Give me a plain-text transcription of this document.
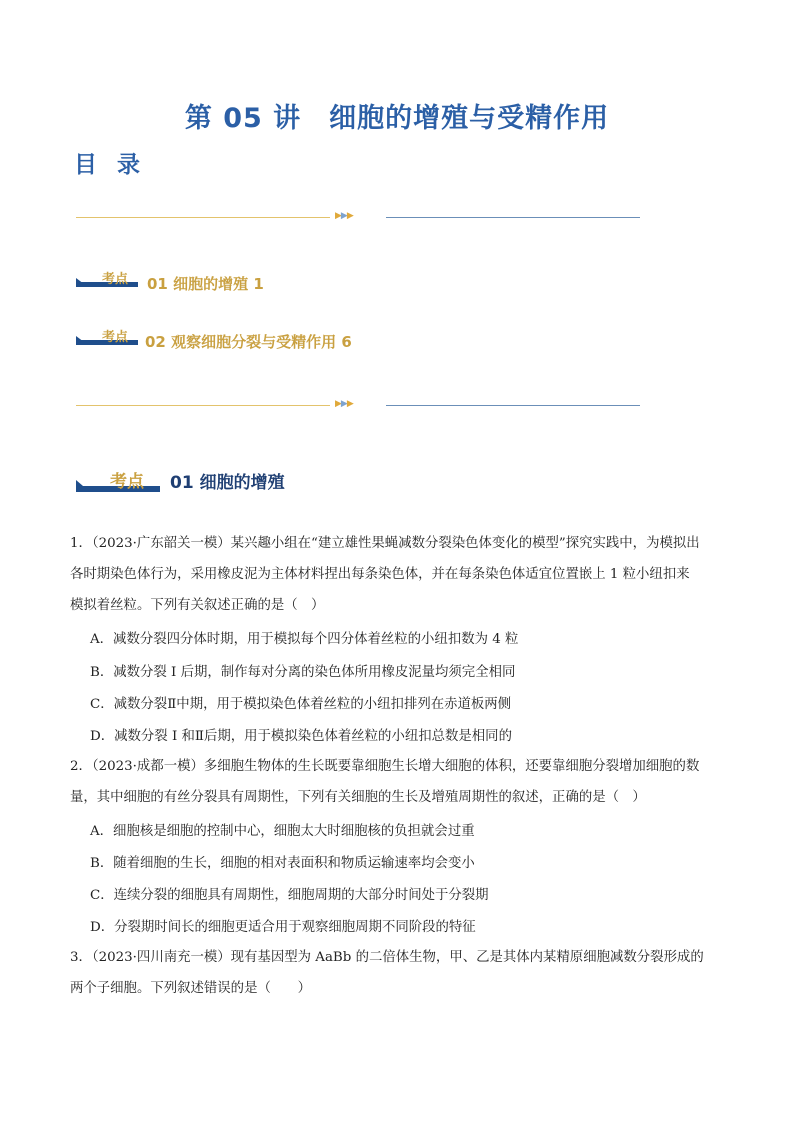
第 05 讲　细胞的增殖与受精作用
目 录
▶▶▶
考点 01 细胞的增殖 1
考点 02 观察细胞分裂与受精作用 6
▶▶▶
考点 01 细胞的增殖
1．（2023·广东韶关一模）某兴趣小组在“建立雄性果蝇减数分裂染色体变化的模型”探究实践中，为模拟出
各时期染色体行为，采用橡皮泥为主体材料捏出每条染色体，并在每条染色体适宜位置嵌上 1 粒小纽扣来
模拟着丝粒。下列有关叙述正确的是（　）
A．减数分裂四分体时期，用于模拟每个四分体着丝粒的小纽扣数为 4 粒
B．减数分裂 I 后期，制作每对分离的染色体所用橡皮泥量均须完全相同
C．减数分裂Ⅱ中期，用于模拟染色体着丝粒的小纽扣排列在赤道板两侧
D．减数分裂 I 和Ⅱ后期，用于模拟染色体着丝粒的小纽扣总数是相同的
2．（2023·成都一模）多细胞生物体的生长既要靠细胞生长增大细胞的体积，还要靠细胞分裂增加细胞的数
量，其中细胞的有丝分裂具有周期性，下列有关细胞的生长及增殖周期性的叙述，正确的是（　）
A．细胞核是细胞的控制中心，细胞太大时细胞核的负担就会过重
B．随着细胞的生长，细胞的相对表面积和物质运输速率均会变小
C．连续分裂的细胞具有周期性，细胞周期的大部分时间处于分裂期
D．分裂期时间长的细胞更适合用于观察细胞周期不同阶段的特征
3．（2023·四川南充一模）现有基因型为 AaBb 的二倍体生物，甲、乙是其体内某精原细胞减数分裂形成的
两个子细胞。下列叙述错误的是（　　）
